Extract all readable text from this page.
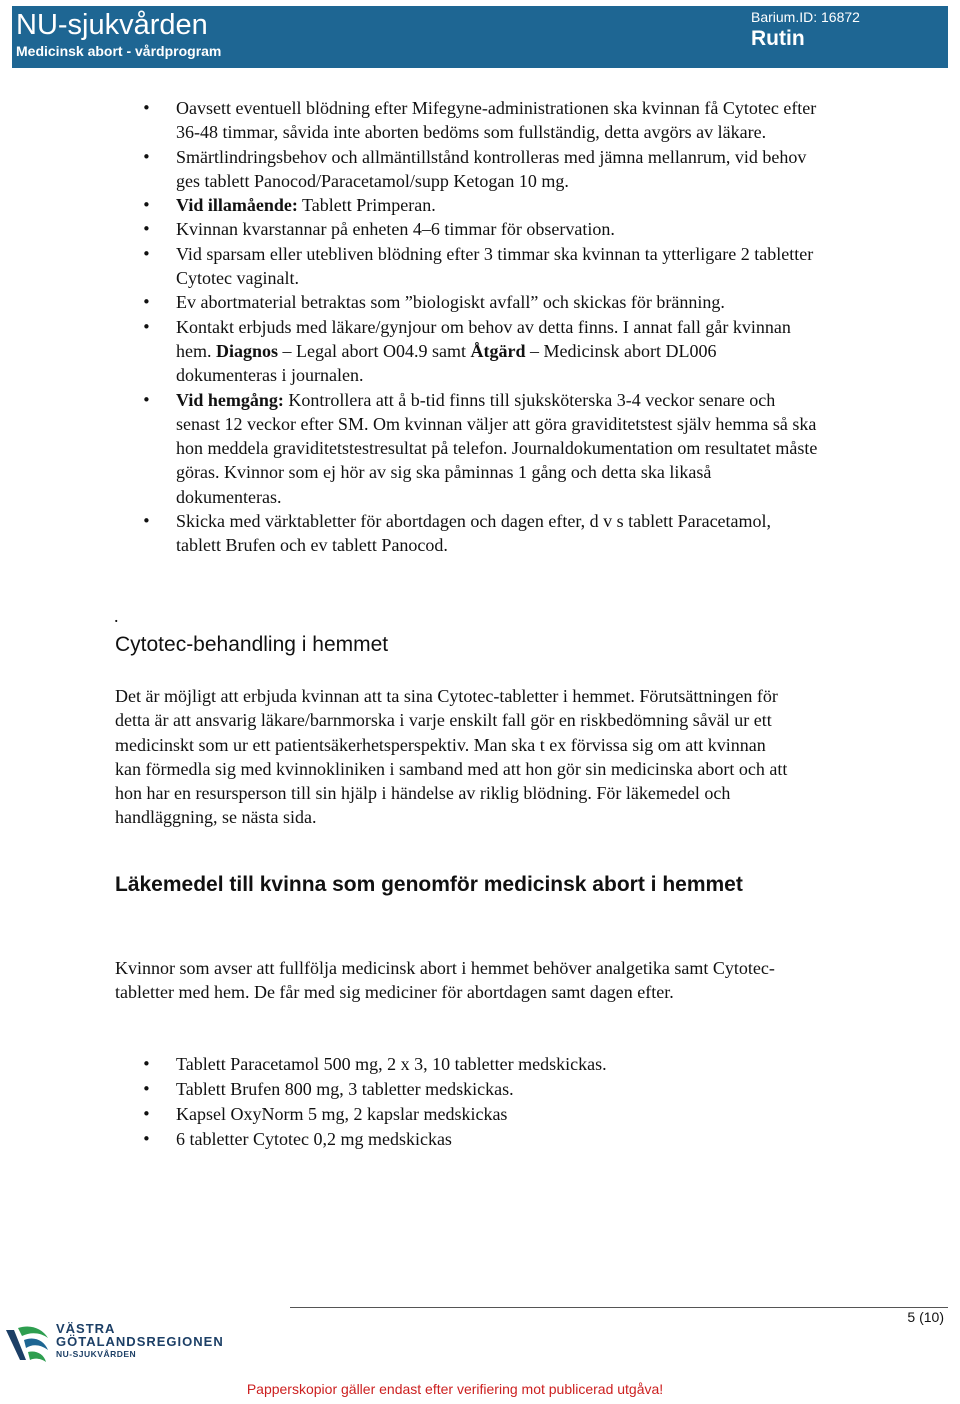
NU-sjukvården
Medicinsk abort - vårdprogram
Barium.ID: 16872
Rutin
• Oavsett eventuell blödning efter Mifegyne-administrationen ska kvinnan få Cytotec efter 36-48 timmar, såvida inte aborten bedöms som fullständig, detta avgörs av läkare.
• Smärtlindringsbehov och allmäntillstånd kontrolleras med jämna mellanrum, vid behov ges tablett Panocod/Paracetamol/supp Ketogan 10 mg.
• Vid illamående: Tablett Primperan.
• Kvinnan kvarstannar på enheten 4–6 timmar för observation.
• Vid sparsam eller utebliven blödning efter 3 timmar ska kvinnan ta ytterligare 2 tabletter Cytotec vaginalt.
• Ev abortmaterial betraktas som ”biologiskt avfall” och skickas för bränning.
• Kontakt erbjuds med läkare/gynjour om behov av detta finns. I annat fall går kvinnan hem. Diagnos – Legal abort O04.9 samt Åtgärd – Medicinsk abort DL006 dokumenteras i journalen.
• Vid hemgång: Kontrollera att å b-tid finns till sjuksköterska 3-4 veckor senare och senast 12 veckor efter SM. Om kvinnan väljer att göra graviditetstest själv hemma så ska hon meddela graviditetstestresultat på telefon. Journaldokumentation om resultatet måste göras. Kvinnor som ej hör av sig ska påminnas 1 gång och detta ska likaså dokumenteras.
• Skicka med värktabletter för abortdagen och dagen efter, d v s tablett Paracetamol, tablett Brufen och ev tablett Panocod.
.
Cytotec-behandling i hemmet

Det är möjligt att erbjuda kvinnan att ta sina Cytotec-tabletter i hemmet. Förutsättningen för detta är att ansvarig läkare/barnmorska i varje enskilt fall gör en riskbedömning såväl ur ett medicinskt som ur ett patientsäkerhetsperspektiv. Man ska t ex förvissa sig om att kvinnan kan förmedla sig med kvinnokliniken i samband med att hon gör sin medicinska abort och att hon har en resursperson till sin hjälp i händelse av riklig blödning. För läkemedel och handläggning, se nästa sida.

Läkemedel till kvinna som genomför medicinsk abort i hemmet

Kvinnor som avser att fullfölja medicinsk abort i hemmet behöver analgetika samt Cytotec-tabletter med hem. De får med sig mediciner för abortdagen samt dagen efter.

• Tablett Paracetamol 500 mg, 2 x 3, 10 tabletter medskickas.
• Tablett Brufen 800 mg, 3 tabletter medskickas.
• Kapsel OxyNorm 5 mg, 2 kapslar medskickas
• 6 tabletter Cytotec 0,2 mg medskickas
5 (10)
VÄSTRA
GÖTALANDSREGIONEN
NU-SJUKVÅRDEN
Papperskopior gäller endast efter verifiering mot publicerad utgåva!
